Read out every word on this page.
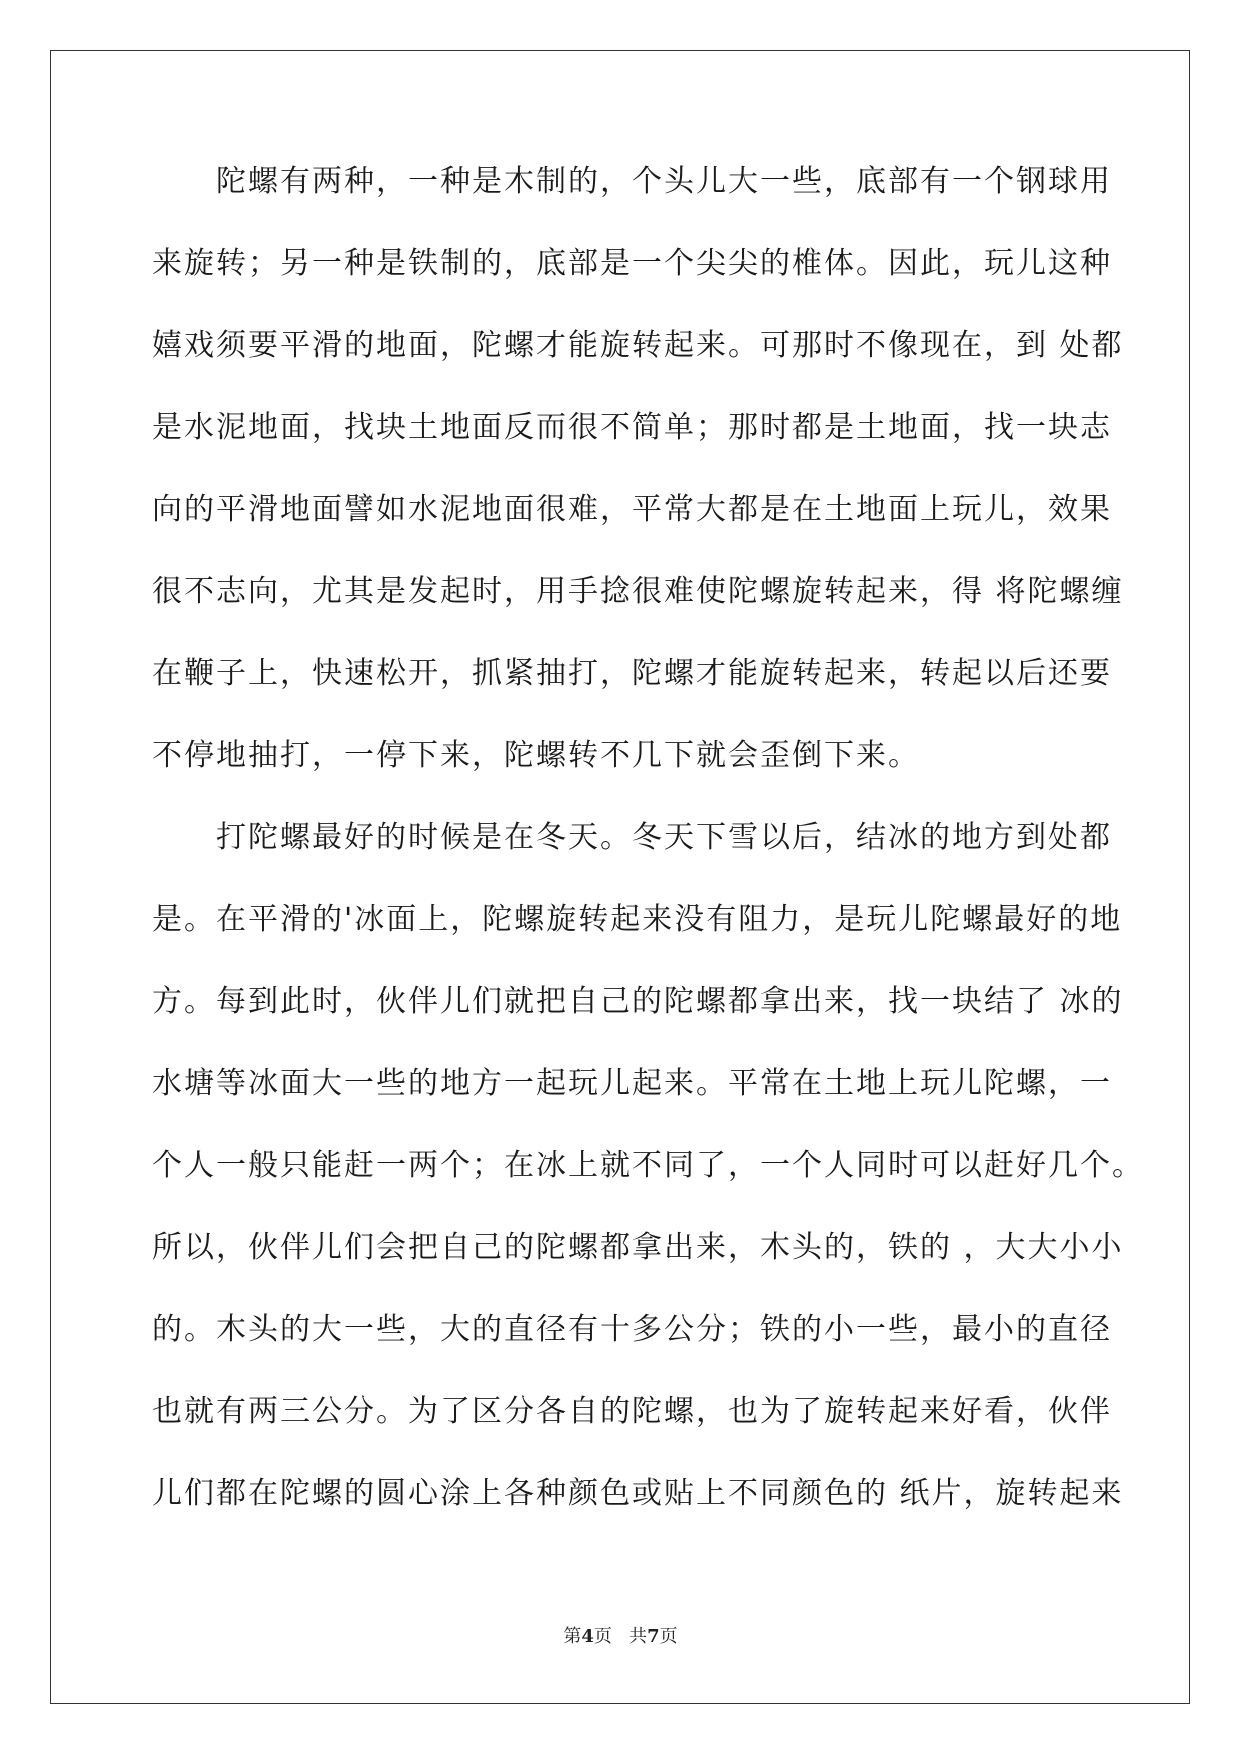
　　陀螺有两种，一种是木制的，个头儿大一些，底部有一个钢球用
来旋转；另一种是铁制的，底部是一个尖尖的椎体。因此，玩儿这种
嬉戏须要平滑的地面，陀螺才能旋转起来。可那时不像现在，到 处都
是水泥地面，找块土地面反而很不简单；那时都是土地面，找一块志
向的平滑地面譬如水泥地面很难，平常大都是在土地面上玩儿，效果
很不志向，尤其是发起时，用手捻很难使陀螺旋转起来，得 将陀螺缠
在鞭子上，快速松开，抓紧抽打，陀螺才能旋转起来，转起以后还要
不停地抽打，一停下来，陀螺转不几下就会歪倒下来。
　　打陀螺最好的时候是在冬天。冬天下雪以后，结冰的地方到处都
是。在平滑的'冰面上，陀螺旋转起来没有阻力，是玩儿陀螺最好的地
方。每到此时，伙伴儿们就把自己的陀螺都拿出来，找一块结了 冰的
水塘等冰面大一些的地方一起玩儿起来。平常在土地上玩儿陀螺，一
个人一般只能赶一两个；在冰上就不同了，一个人同时可以赶好几个。
所以，伙伴儿们会把自己的陀螺都拿出来，木头的，铁的 ，大大小小
的。木头的大一些，大的直径有十多公分；铁的小一些，最小的直径
也就有两三公分。为了区分各自的陀螺，也为了旋转起来好看，伙伴
儿们都在陀螺的圆心涂上各种颜色或贴上不同颜色的 纸片，旋转起来
第4页 共7页
